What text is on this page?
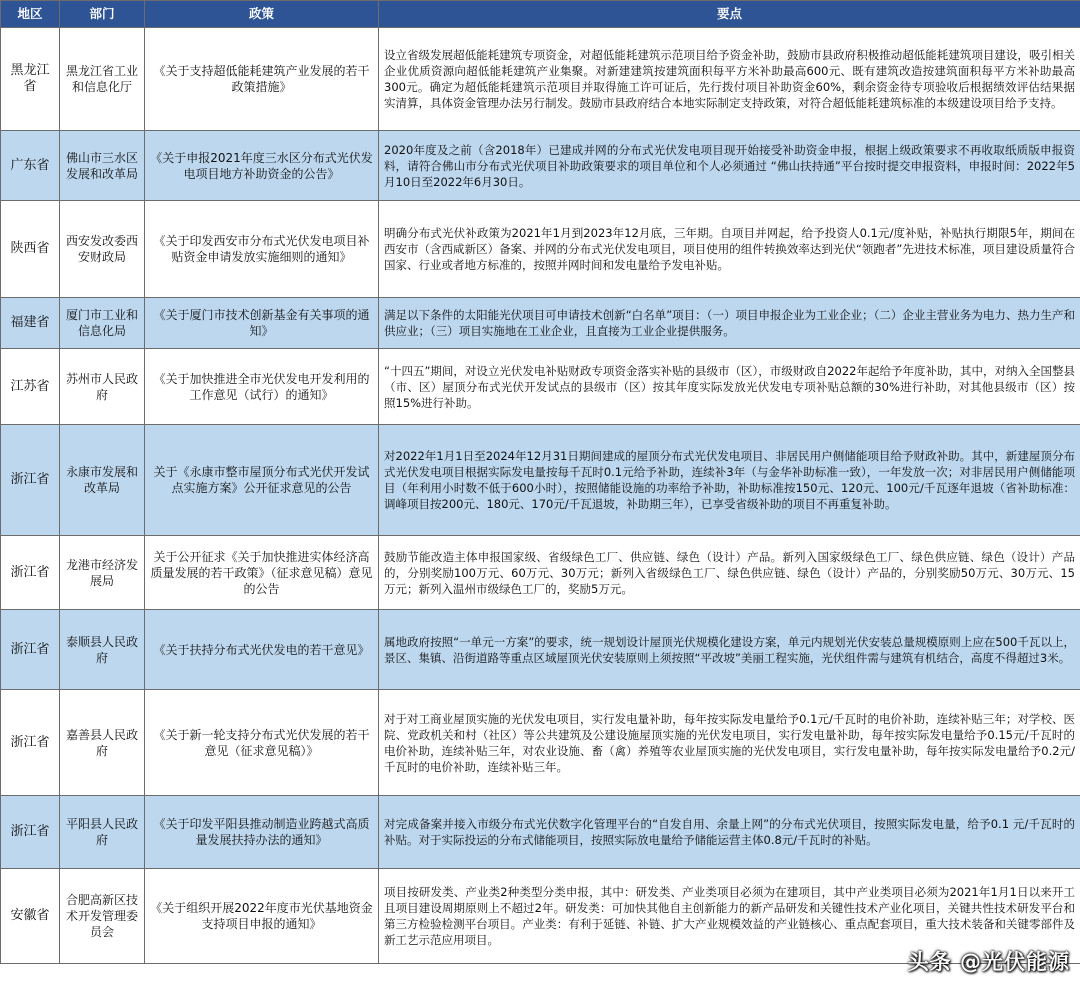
地区	部门	政策	要点
黑龙江省	黑龙江省工业和信息化厅	《关于支持超低能耗建筑产业发展的若干政策措施》	设立省级发展超低能耗建筑专项资金，对超低能耗建筑示范项目给予资金补助，鼓励市县政府积极推动超低能耗建筑项目建设，吸引相关企业优质资源向超低能耗建筑产业集聚。对新建建筑按建筑面积每平方米补助最高600元、既有建筑改造按建筑面积每平方米补助最高300元。确定为超低能耗建筑示范项目并取得施工许可证后，先行拨付项目补助资金60%，剩余资金待专项验收后根据绩效评估结果据实清算，具体资金管理办法另行制发。鼓励市县政府结合本地实际制定支持政策，对符合超低能耗建筑标准的本级建设项目给予支持。
广东省	佛山市三水区发展和改革局	《关于申报2021年度三水区分布式光伏发电项目地方补助资金的公告》	2020年度及之前（含2018年）已建成并网的分布式光伏发电项目现开始接受补助资金申报，根据上级政策要求不再收取纸质版申报资料，请符合佛山市分布式光伏项目补助政策要求的项目单位和个人必须通过 “佛山扶持通”平台按时提交申报资料，申报时间：2022年5月10日至2022年6月30日。
陕西省	西安发改委西安财政局	《关于印发西安市分布式光伏发电项目补贴资金申请发放实施细则的通知》	明确分布式光伏补政策为2021年1月到2023年12月底，三年期。自项目并网起，给予投资人0.1元/度补贴，补贴执行期限5年，期间在西安市（含西咸新区）备案、并网的分布式光伏发电项目，项目使用的组件转换效率达到光伏“领跑者”先进技术标准，项目建设质量符合国家、行业或者地方标准的，按照并网时间和发电量给予发电补贴。
福建省	厦门市工业和信息化局	《关于厦门市技术创新基金有关事项的通知》	满足以下条件的太阳能光伏项目可申请技术创新“白名单”项目：（一）项目申报企业为工业企业；（二）企业主营业务为电力、热力生产和供应业；（三）项目实施地在工业企业，且直接为工业企业提供服务。
江苏省	苏州市人民政府	《关于加快推进全市光伏发电开发利用的工作意见（试行）的通知》	“十四五”期间，对设立光伏发电补贴财政专项资金落实补贴的县级市（区），市级财政自2022年起给予年度补助，其中，对纳入全国整县（市、区）屋顶分布式光伏开发试点的县级市（区）按其年度实际发放光伏发电专项补贴总额的30%进行补助，对其他县级市（区）按照15%进行补助。
浙江省	永康市发展和改革局	关于《永康市整市屋顶分布式光伏开发试点实施方案》公开征求意见的公告	对2022年1月1日至2024年12月31日期间建成的屋顶分布式光伏发电项目、非居民用户侧储能项目给予财政补助。其中，新建屋顶分布式光伏发电项目根据实际发电量按每千瓦时0.1元给予补助，连续补3年（与金华补助标准一致），一年发放一次；对非居民用户侧储能项目（年利用小时数不低于600小时），按照储能设施的功率给予补助，补助标准按150元、120元、100元/千瓦逐年退坡（省补助标准：调峰项目按200元、180元、170元/千瓦退坡，补助期三年），已享受省级补助的项目不再重复补助。
浙江省	龙港市经济发展局	关于公开征求《关于加快推进实体经济高质量发展的若干政策》（征求意见稿）意见的公告	鼓励节能改造主体申报国家级、省级绿色工厂、供应链、绿色（设计）产品。新列入国家级绿色工厂、绿色供应链、绿色（设计）产品的，分别奖励100万元、60万元、30万元；新列入省级绿色工厂、绿色供应链、绿色（设计）产品的，分别奖励50万元、30万元、15万元；新列入温州市级绿色工厂的，奖励5万元。
浙江省	泰顺县人民政府	《关于扶持分布式光伏发电的若干意见》	属地政府按照“一单元一方案”的要求，统一规划设计屋顶光伏规模化建设方案，单元内规划光伏安装总量规模原则上应在500千瓦以上，景区、集镇、沿街道路等重点区域屋顶光伏安装原则上须按照“平改坡”美丽工程实施，光伏组件需与建筑有机结合，高度不得超过3米。
浙江省	嘉善县人民政府	《关于新一轮支持分布式光伏发展的若干意见（征求意见稿）》	对于对工商业屋顶实施的光伏发电项目，实行发电量补助，每年按实际发电量给予0.1元/千瓦时的电价补助，连续补贴三年；对学校、医院、党政机关和村（社区）等公共建筑及公建设施屋顶实施的光伏发电项目，实行发电量补助，每年按实际发电量给予0.15元/千瓦时的电价补助，连续补贴三年，对农业设施、畜（禽）养殖等农业屋顶实施的光伏发电项目，实行发电量补助，每年按实际发电量给予0.2元/千瓦时的电价补助，连续补贴三年。
浙江省	平阳县人民政府	《关于印发平阳县推动制造业跨越式高质量发展扶持办法的通知》	对完成备案并接入市级分布式光伏数字化管理平台的“自发自用、余量上网”的分布式光伏项目，按照实际发电量，给予0.1 元/千瓦时的补贴。对于实际投运的分布式储能项目，按照实际放电量给予储能运营主体0.8元/千瓦时的补贴。
安徽省	合肥高新区技术开发管理委员会	《关于组织开展2022年度市光伏基地资金支持项目申报的通知》	项目按研发类、产业类2种类型分类申报，其中：研发类、产业类项目必须为在建项目，其中产业类项目必须为2021年1月1日以来开工且项目建设周期原则上不超过2年。研发类：可加快其他自主创新能力的新产品研发和关键性技术产业化项目，关键共性技术研发平台和第三方检验检测平台项目。产业类：有利于延链、补链、扩大产业规模效益的产业链核心、重点配套项目，重大技术装备和关键零部件及新工艺示范应用项目。
头条 @光伏能源
